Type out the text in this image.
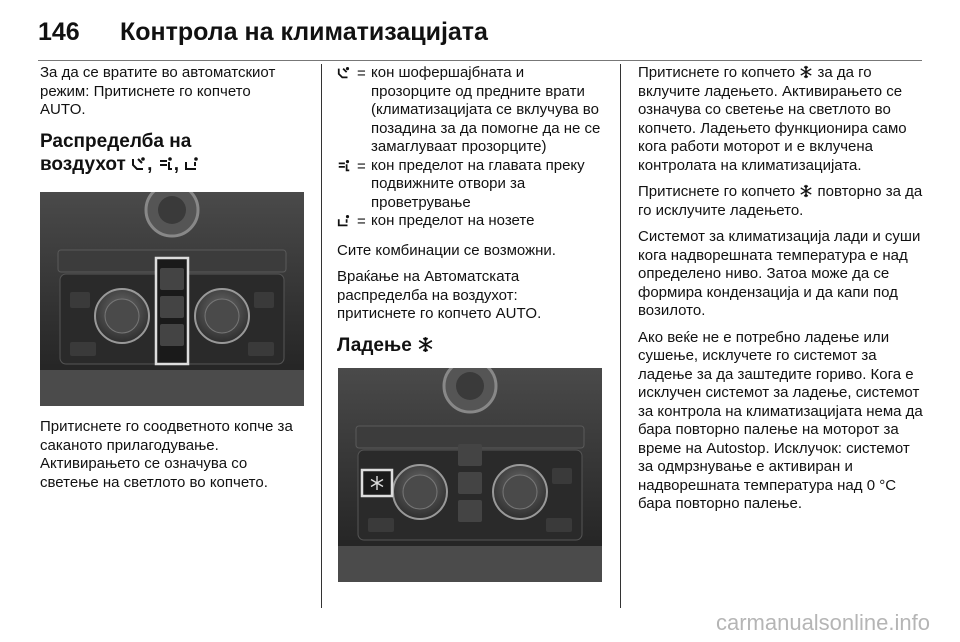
146 Контрола на климатизацијата

За да се вратите во автоматскиот
режим: Притиснете го копчето
AUTO.

Распределба на
воздухот , ,

Притиснете го соодветното копче за саканото прилагодување. Активирањето се означува со светење на светлото во копчето.

= кон шофершајбната и прозорците од предните врати (климатизацијата се вклучува во позадина за да помогне да не се замаглуваат прозорците)
= кон пределот на главата преку подвижните отвори за проветрување
= кон пределот на нозете

Сите комбинации се возможни.

Враќање на Автоматската
распределба на воздухот:
притиснете го копчето AUTO.

Ладење

Притиснете го копчето за да го вклучите ладењето. Активирањето се означува со светење на светлото во копчето. Ладењето функционира само кога работи моторот и е вклучена контролата на климатизацијата.

Притиснете го копчето повторно за да го исклучите ладењето.

Системот за климатизација лади и суши кога надворешната температура е над определено ниво. Затоа може да се формира кондензација и да капи под возилото.

Ако веќе не е потребно ладење или сушење, исклучете го системот за ладење за да заштедите гориво. Кога е исклучен системот за ладење, системот за контрола на климатизацијата нема да бара повторно палење на моторот за време на Autostop. Исклучок: системот за одмрзнување е активиран и надворешната температура над 0 °C бара повторно палење.

carmanualsonline.info
